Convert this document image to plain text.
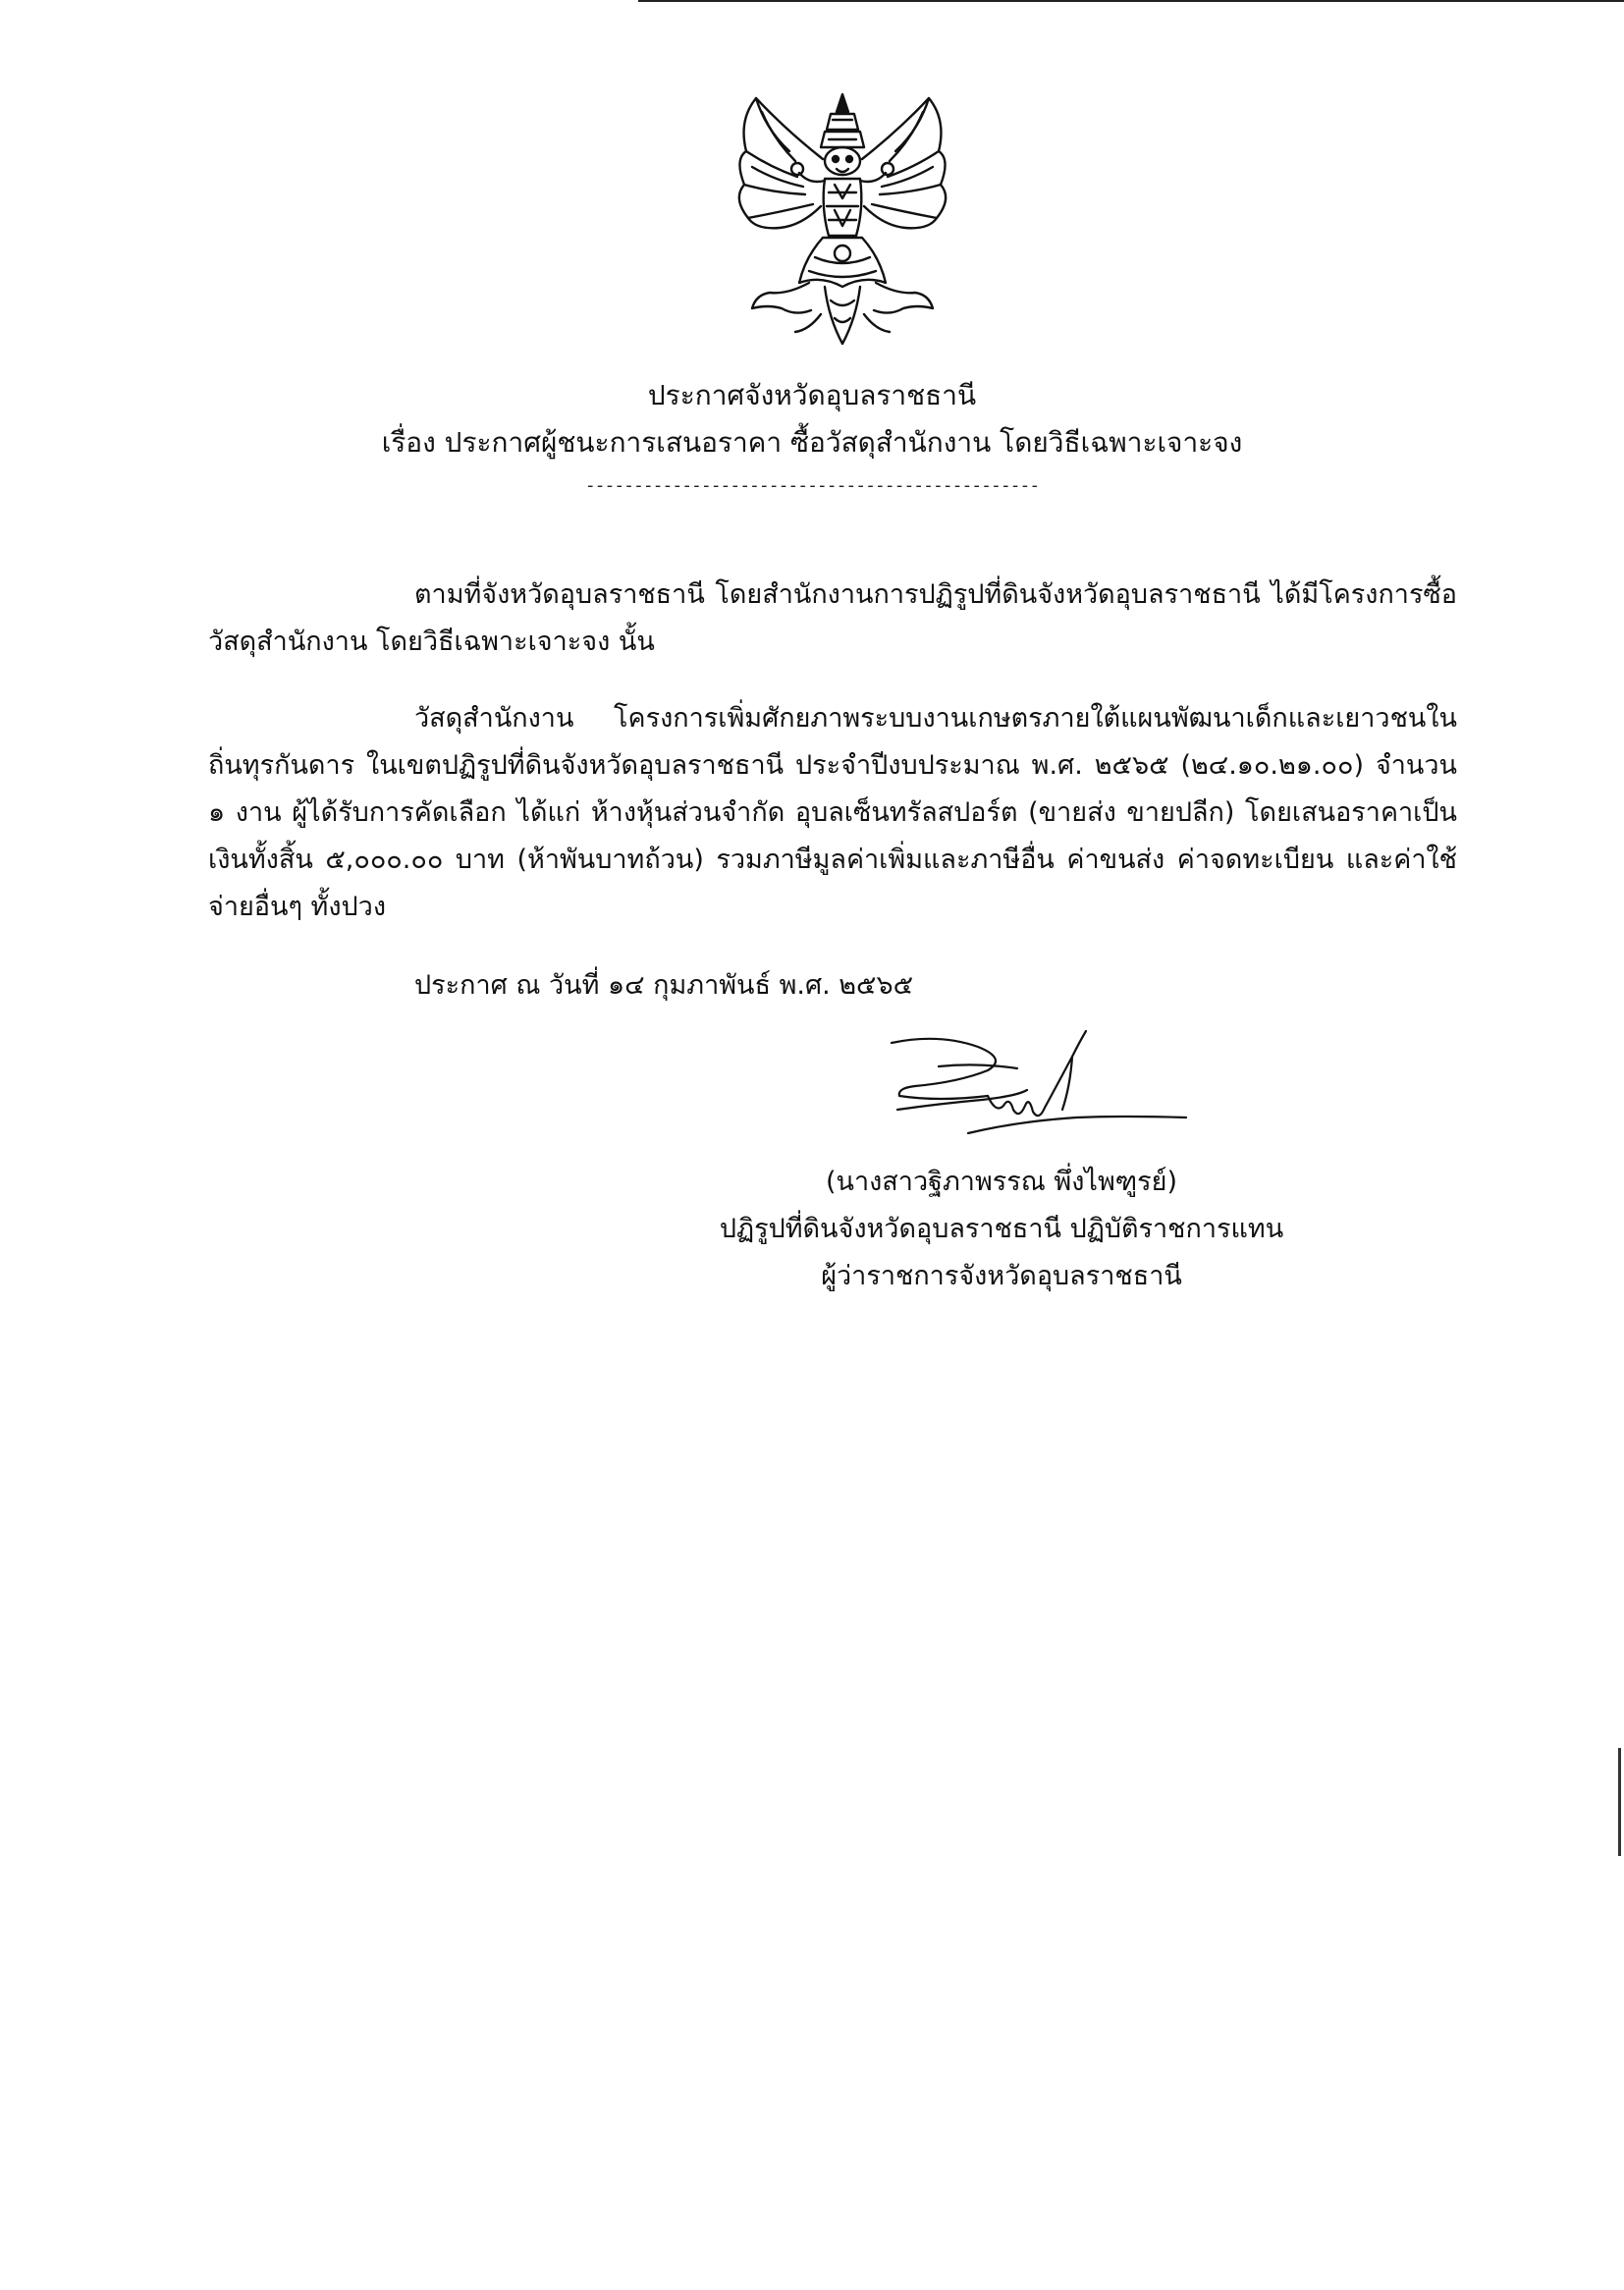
ประกาศจังหวัดอุบลราชธานี
เรื่อง ประกาศผู้ชนะการเสนอราคา ซื้อวัสดุสำนักงาน โดยวิธีเฉพาะเจาะจง
-----------------------------------------------

ตามที่จังหวัดอุบลราชธานี โดยสำนักงานการปฏิรูปที่ดินจังหวัดอุบลราชธานี ได้มีโครงการซื้อวัสดุสำนักงาน โดยวิธีเฉพาะเจาะจง นั้น

วัสดุสำนักงาน โครงการเพิ่มศักยภาพระบบงานเกษตรภายใต้แผนพัฒนาเด็กและเยาวชนในถิ่นทุรกันดาร ในเขตปฏิรูปที่ดินจังหวัดอุบลราชธานี ประจำปีงบประมาณ พ.ศ. ๒๕๖๕ (๒๔.๑๐.๒๑.๐๐) จำนวน ๑ งาน ผู้ได้รับการคัดเลือก ได้แก่ ห้างหุ้นส่วนจำกัด อุบลเซ็นทรัลสปอร์ต (ขายส่ง ขายปลีก) โดยเสนอราคาเป็นเงินทั้งสิ้น ๕,๐๐๐.๐๐ บาท (ห้าพันบาทถ้วน) รวมภาษีมูลค่าเพิ่มและภาษีอื่น ค่าขนส่ง ค่าจดทะเบียน และค่าใช้จ่ายอื่นๆ ทั้งปวง

ประกาศ ณ วันที่ ๑๔ กุมภาพันธ์ พ.ศ. ๒๕๖๕
(นางสาวฐิภาพรรณ พึ่งไพฑูรย์)
ปฏิรูปที่ดินจังหวัดอุบลราชธานี ปฏิบัติราชการแทน
ผู้ว่าราชการจังหวัดอุบลราชธานี
